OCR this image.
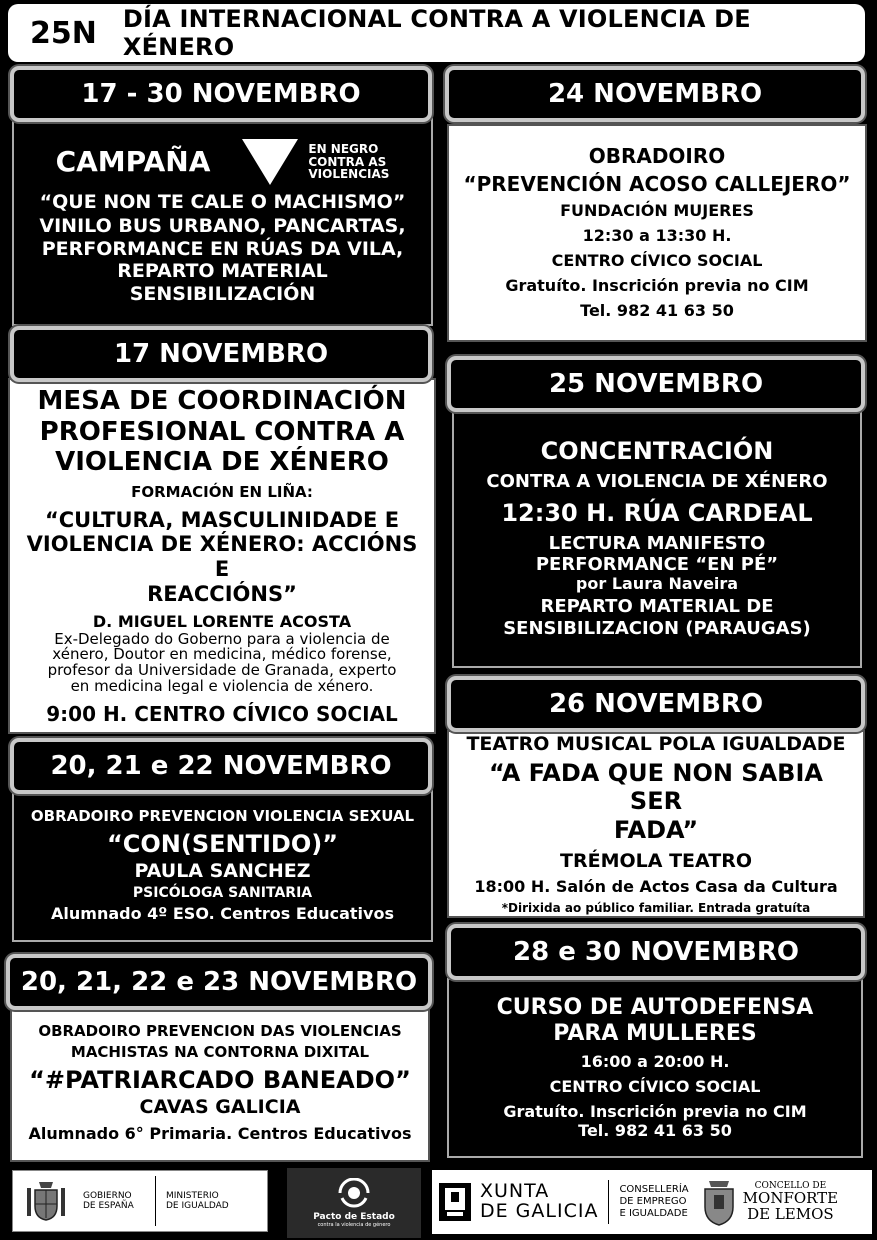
25N DÍA INTERNACIONAL CONTRA A VIOLENCIA DE XÉNERO
CAMPAÑA	EN NEGRO
CONTRA AS
VIOLENCIAS
“QUE NON TE CALE O MACHISMO”
VINILO BUS URBANO, PANCARTAS,
PERFORMANCE EN RÚAS DA VILA,
REPARTO MATERIAL SENSIBILIZACIÓN
17 - 30 NOVEMBRO
MESA DE COORDINACIÓN
PROFESIONAL CONTRA A
VIOLENCIA DE XÉNERO
FORMACIÓN EN LIÑA:
“CULTURA, MASCULINIDADE E
VIOLENCIA DE XÉNERO: ACCIÓNS E
REACCIÓNS”
D. MIGUEL LORENTE ACOSTA
Ex-Delegado do Goberno para a violencia de
xénero, Doutor en medicina, médico forense,
profesor da Universidade de Granada, experto
en medicina legal e violencia de xénero.
9:00 H. CENTRO CÍVICO SOCIAL
17 NOVEMBRO
OBRADOIRO PREVENCION VIOLENCIA SEXUAL
“CON(SENTIDO)”
PAULA SANCHEZ
PSICÓLOGA SANITARIA
Alumnado 4º ESO. Centros Educativos
20, 21 e 22 NOVEMBRO
OBRADOIRO PREVENCION DAS VIOLENCIAS
MACHISTAS NA CONTORNA DIXITAL
“#PATRIARCADO BANEADO”
CAVAS GALICIA
Alumnado 6° Primaria. Centros Educativos
20, 21, 22 e 23 NOVEMBRO
OBRADOIRO
“PREVENCIÓN ACOSO CALLEJERO”
FUNDACIÓN MUJERES
12:30 a 13:30 H.
CENTRO CÍVICO SOCIAL
Gratuíto. Inscrición previa no CIM
Tel. 982 41 63 50
24 NOVEMBRO
CONCENTRACIÓN
CONTRA A VIOLENCIA DE XÉNERO
12:30 H. RÚA CARDEAL
LECTURA MANIFESTO
PERFORMANCE “EN PÉ”
por Laura Naveira
REPARTO MATERIAL DE
SENSIBILIZACION (PARAUGAS)
25 NOVEMBRO
TEATRO MUSICAL POLA IGUALDADE
“A FADA QUE NON SABIA SER
FADA”
TRÉMOLA TEATRO
18:00 H. Salón de Actos Casa da Cultura
*Dirixida ao público familiar. Entrada gratuíta
26 NOVEMBRO
CURSO DE AUTODEFENSA
PARA MULLERES
16:00 a 20:00 H.
CENTRO CÍVICO SOCIAL
Gratuíto. Inscrición previa no CIM
Tel. 982 41 63 50
28 e 30 NOVEMBRO
GOBIERNO
DE ESPAÑA
MINISTERIO
DE IGUALDAD
Pacto de Estado
contra la violencia de género
XUNTA
DE GALICIA
CONSELLERÍA
DE EMPREGO
E IGUALDADE
CONCELLO DE
MONFORTE
DE LEMOS
